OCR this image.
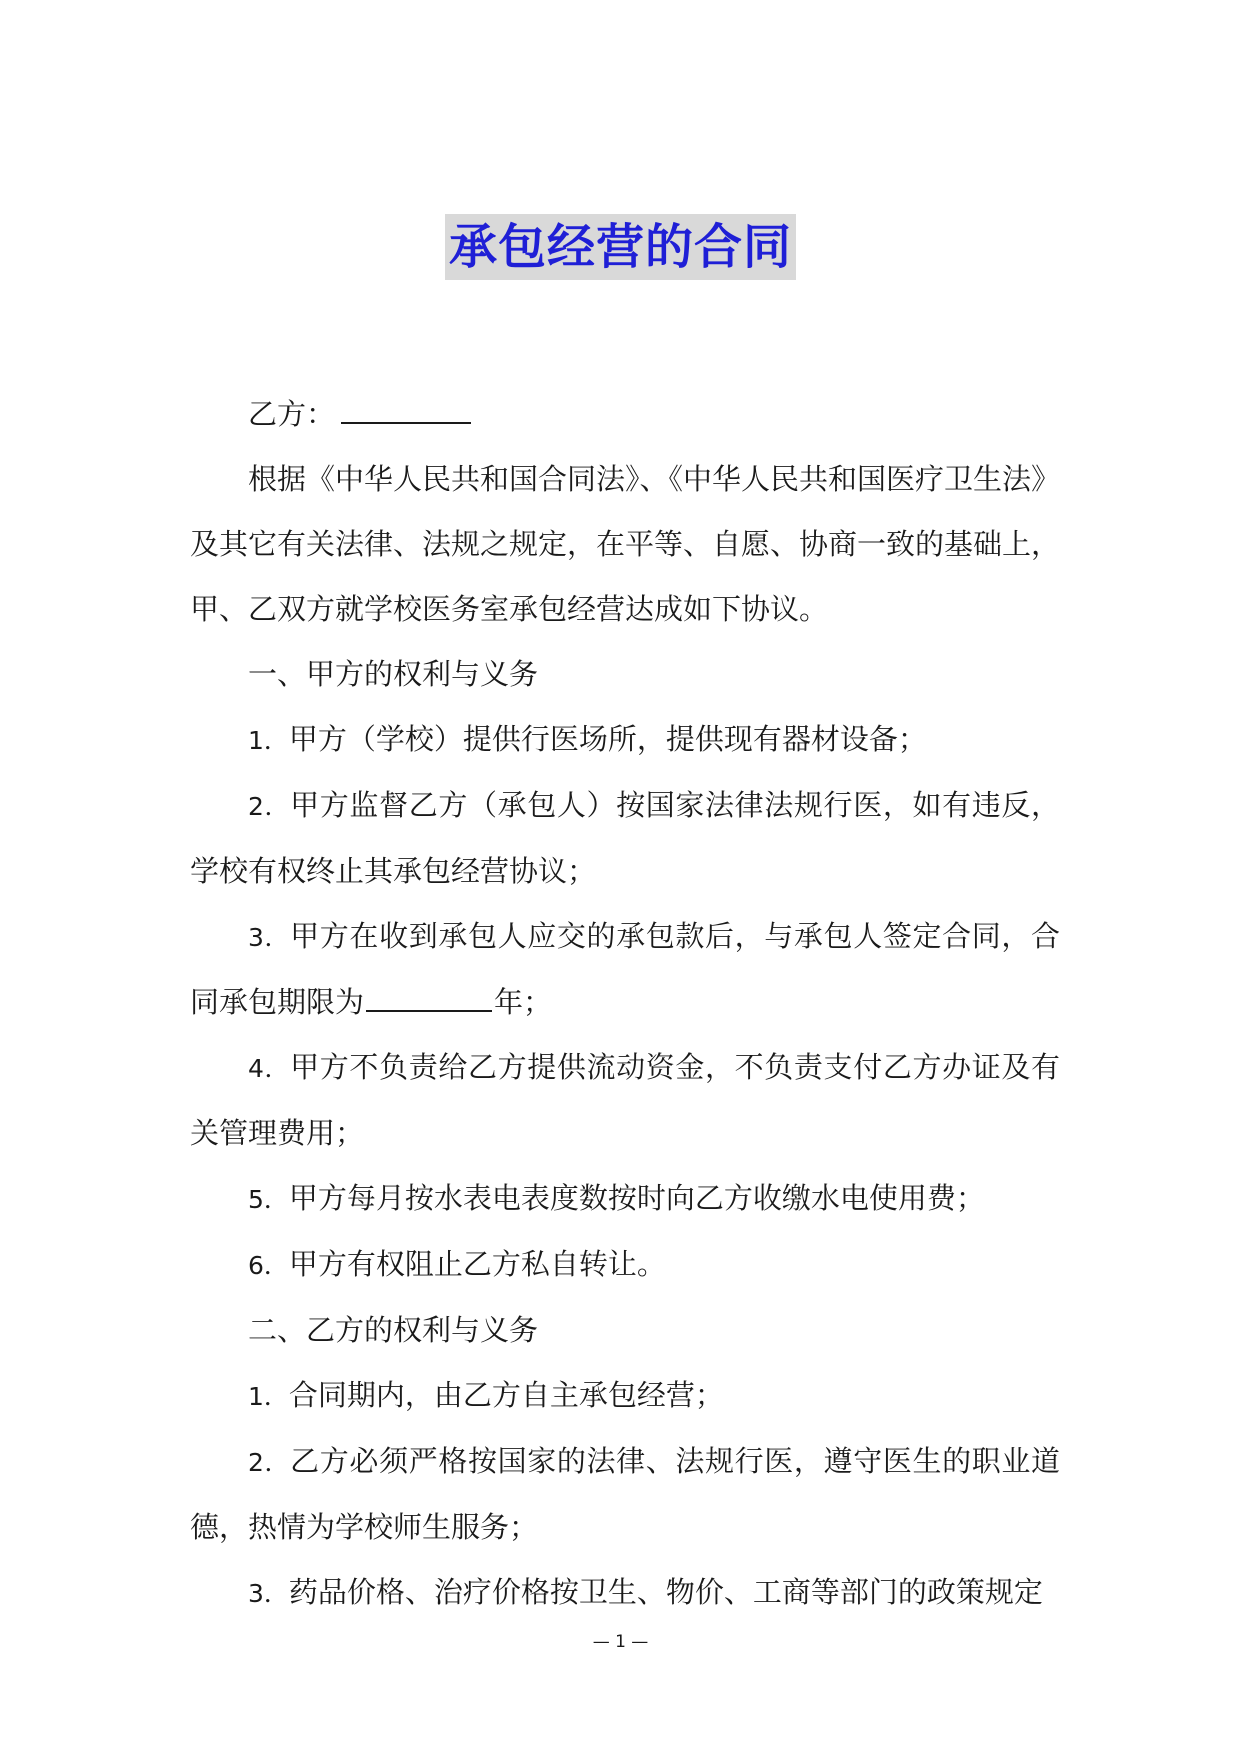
承包经营的合同

乙方：

根据《中华人民共和国合同法》、《中华人民共和国医疗卫生法》及其它有关法律、法规之规定，在平等、自愿、协商一致的基础上，甲、乙双方就学校医务室承包经营达成如下协议。

一、甲方的权利与义务

1．甲方（学校）提供行医场所，提供现有器材设备；

2．甲方监督乙方（承包人）按国家法律法规行医，如有违反，学校有权终止其承包经营协议；

3．甲方在收到承包人应交的承包款后，与承包人签定合同，合同承包期限为	年；

4．甲方不负责给乙方提供流动资金，不负责支付乙方办证及有关管理费用；

5．甲方每月按水表电表度数按时向乙方收缴水电使用费；

6．甲方有权阻止乙方私自转让。

二、乙方的权利与义务

1．合同期内，由乙方自主承包经营；

2．乙方必须严格按国家的法律、法规行医，遵守医生的职业道德，热情为学校师生服务；

3．药品价格、治疗价格按卫生、物价、工商等部门的政策规定

— 1 —
